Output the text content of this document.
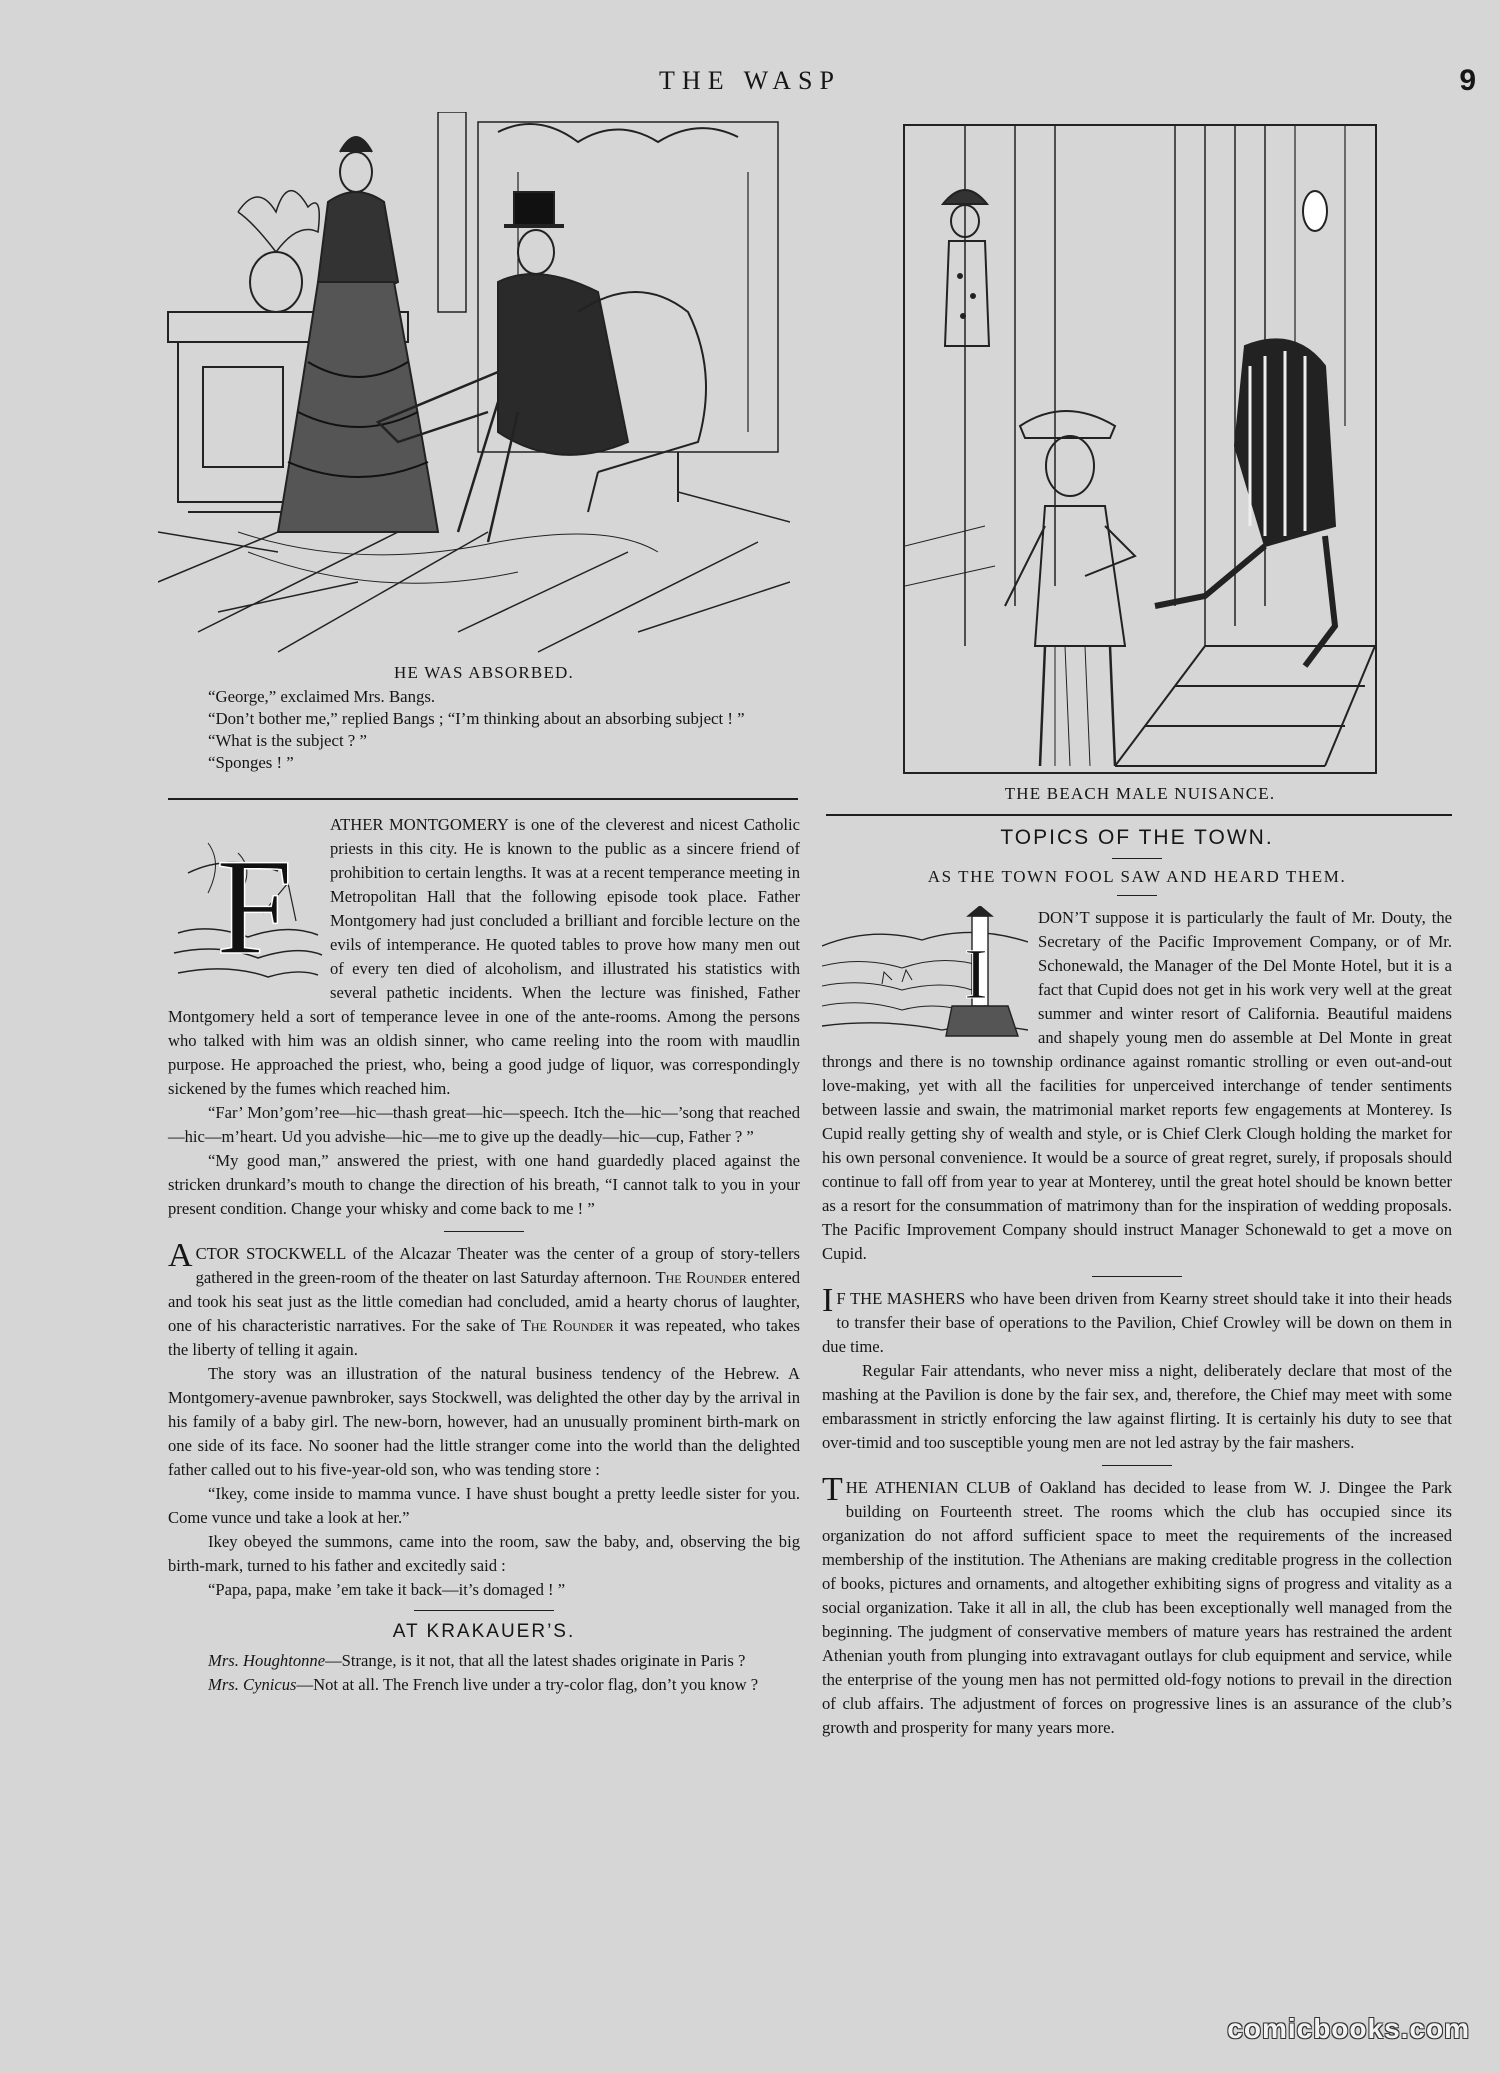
THE WASP	9
HE WAS ABSORBED.

“George,” exclaimed Mrs. Bangs.

“Don’t bother me,” replied Bangs ; “I’m thinking about an absorbing subject ! ”

“What is the subject ? ”

“Sponges ! ”

THE BEACH MALE NUISANCE.
F

ATHER MONTGOMERY is one of the cleverest and nicest Catholic priests in this city. He is known to the public as a sincere friend of prohibition to certain lengths. It was at a recent temperance meeting in Metropolitan Hall that the following episode took place. Father Montgomery had just concluded a brilliant and forcible lecture on the evils of intemperance. He quoted tables to prove how many men out of every ten died of alcoholism, and illustrated his statistics with several pathetic incidents. When the lecture was finished, Father Montgomery held a sort of temperance levee in one of the ante-rooms. Among the persons who talked with him was an oldish sinner, who came reeling into the room with maudlin purpose. He approached the priest, who, being a good judge of liquor, was correspondingly sickened by the fumes which reached him.

“Far’ Mon’gom’ree—hic—thash great—hic—speech. Itch the—hic—’song that reached—hic—m’heart. Ud you advishe—hic—me to give up the deadly—hic—cup, Father ? ”

“My good man,” answered the priest, with one hand guardedly placed against the stricken drunkard’s mouth to change the direction of his breath, “I cannot talk to you in your present condition. Change your whisky and come back to me ! ”

ACTOR STOCKWELL of the Alcazar Theater was the center of a group of story-tellers gathered in the green-room of the theater on last Saturday afternoon. The Rounder entered and took his seat just as the little comedian had concluded, amid a hearty chorus of laughter, one of his characteristic narratives. For the sake of The Rounder it was repeated, who takes the liberty of telling it again.

The story was an illustration of the natural business tendency of the Hebrew. A Montgomery-avenue pawnbroker, says Stockwell, was delighted the other day by the arrival in his family of a baby girl. The new-born, however, had an unusually prominent birth-mark on one side of its face. No sooner had the little stranger come into the world than the delighted father called out to his five-year-old son, who was tending store :

“Ikey, come inside to mamma vunce. I have shust bought a pretty leedle sister for you. Come vunce und take a look at her.”

Ikey obeyed the summons, came into the room, saw the baby, and, observing the big birth-mark, turned to his father and excitedly said :

“Papa, papa, make ’em take it back—it’s domaged ! ”

AT KRAKAUER’S.

Mrs. Houghtonne—Strange, is it not, that all the latest shades originate in Paris ?

Mrs. Cynicus—Not at all. The French live under a try-color flag, don’t you know ?

TOPICS OF THE TOWN.
AS THE TOWN FOOL SAW AND HEARD THEM.
I

DON’T suppose it is particularly the fault of Mr. Douty, the Secretary of the Pacific Improvement Company, or of Mr. Schonewald, the Manager of the Del Monte Hotel, but it is a fact that Cupid does not get in his work very well at the great summer and winter resort of California. Beautiful maidens and shapely young men do assemble at Del Monte in great throngs and there is no township ordinance against romantic strolling or even out-and-out love-making, yet with all the facilities for unperceived interchange of tender sentiments between lassie and swain, the matrimonial market reports few engagements at Monterey. Is Cupid really getting shy of wealth and style, or is Chief Clerk Clough holding the market for his own personal convenience. It would be a source of great regret, surely, if proposals should continue to fall off from year to year at Monterey, until the great hotel should be known better as a resort for the consummation of matrimony than for the inspiration of wedding proposals. The Pacific Improvement Company should instruct Manager Schonewald to get a move on Cupid.

I F THE MASHERS who have been driven from Kearny street should take it into their heads to transfer their base of operations to the Pavilion, Chief Crowley will be down on them in due time.

Regular Fair attendants, who never miss a night, deliberately declare that most of the mashing at the Pavilion is done by the fair sex, and, therefore, the Chief may meet with some embarassment in strictly enforcing the law against flirting. It is certainly his duty to see that over-timid and too susceptible young men are not led astray by the fair mashers.

THE ATHENIAN CLUB of Oakland has decided to lease from W. J. Dingee the Park building on Fourteenth street. The rooms which the club has occupied since its organization do not afford sufficient space to meet the requirements of the increased membership of the institution. The Athenians are making creditable progress in the collection of books, pictures and ornaments, and altogether exhibiting signs of progress and vitality as a social organization. Take it all in all, the club has been exceptionally well managed from the beginning. The judgment of conservative members of mature years has restrained the ardent Athenian youth from plunging into extravagant outlays for club equipment and service, while the enterprise of the young men has not permitted old-fogy notions to prevail in the direction of club affairs. The adjustment of forces on progressive lines is an assurance of the club’s growth and prosperity for many years more.

comicbooks.com
